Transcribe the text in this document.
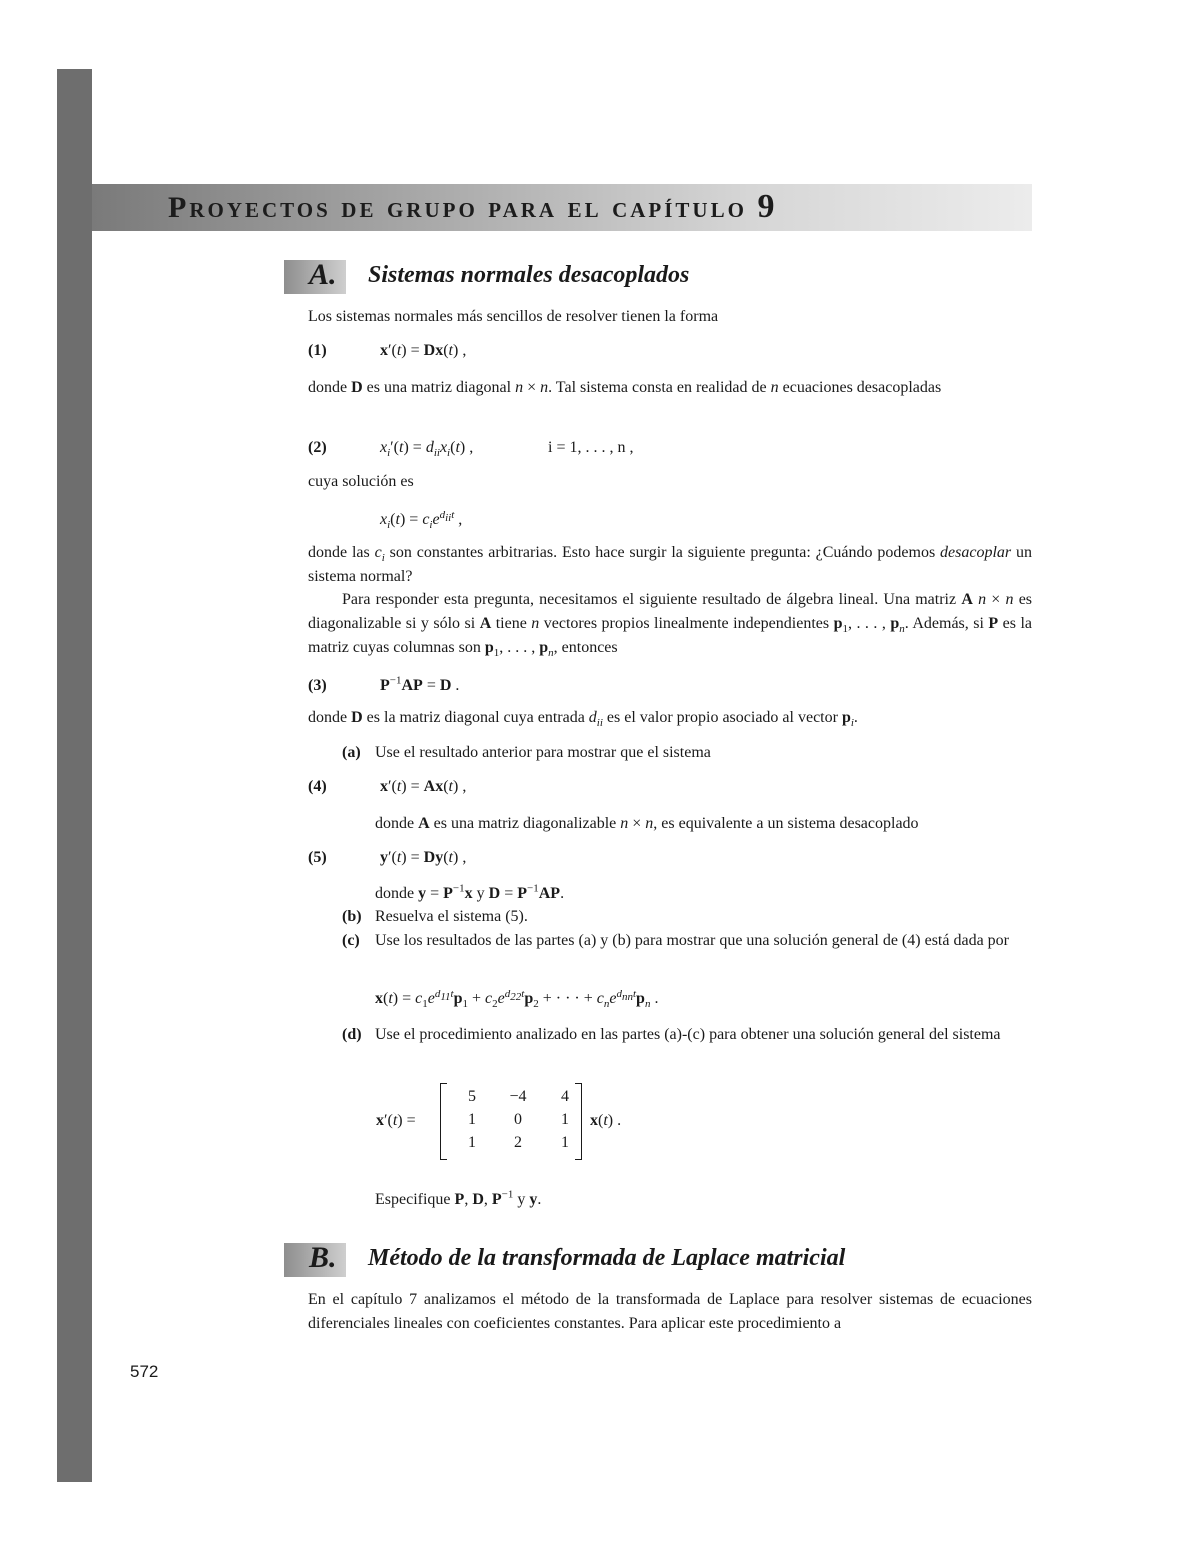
Proyectos de grupo para el capítulo 9
A. Sistemas normales desacoplados

Los sistemas normales más sencillos de resolver tienen la forma

(1)	x′(t) = Dx(t) ,

donde D es una matriz diagonal n × n. Tal sistema consta en realidad de n ecuaciones desacopladas

(2)	$x_i'(t) = d_{ii}x_i(t)$ ,	i = 1, . . . , n ,

cuya solución es

$x_i(t) = c_ie^{d_{ii}t}$ ,

donde las $c_i$ son constantes arbitrarias. Esto hace surgir la siguiente pregunta: ¿Cuándo podemos desacoplar un sistema normal?

Para responder esta pregunta, necesitamos el siguiente resultado de álgebra lineal. Una matriz A n × n es diagonalizable si y sólo si A tiene n vectores propios linealmente independientes $p_1$, . . . , $p_n$. Además, si P es la matriz cuyas columnas son $p_1$, . . . , $p_n$, entonces

(3)	$P^{-1}AP = D$ .

donde D es la matriz diagonal cuya entrada $d_{ii}$ es el valor propio asociado al vector $p_i$.

(a) Use el resultado anterior para mostrar que el sistema

(4)	x′(t) = Ax(t) ,

donde A es una matriz diagonalizable n × n, es equivalente a un sistema desacoplado

(5)	y′(t) = Dy(t) ,

donde $y = P^{-1}x$ y $D = P^{-1}AP$.

(b) Resuelva el sistema (5).

(c) Use los resultados de las partes (a) y (b) para mostrar que una solución general de (4) está dada por

$x(t) = c_1e^{d_{11}t}p_1 + c_2e^{d_{22}t}p_2$ + · · · + $c_ne^{d_{nn}t}p_n$ .
(d) Use el procedimiento analizado en las partes (a)-(c) para obtener una solución general del sistema

x′(t) =
5	−4	4
1	0	1
1	2	1
x(t) .

Especifique P, D, $P^{-1}$ y y.

B. Método de la transformada de Laplace matricial

En el capítulo 7 analizamos el método de la transformada de Laplace para resolver sistemas de ecuaciones diferenciales lineales con coeficientes constantes. Para aplicar este procedimiento a

572
